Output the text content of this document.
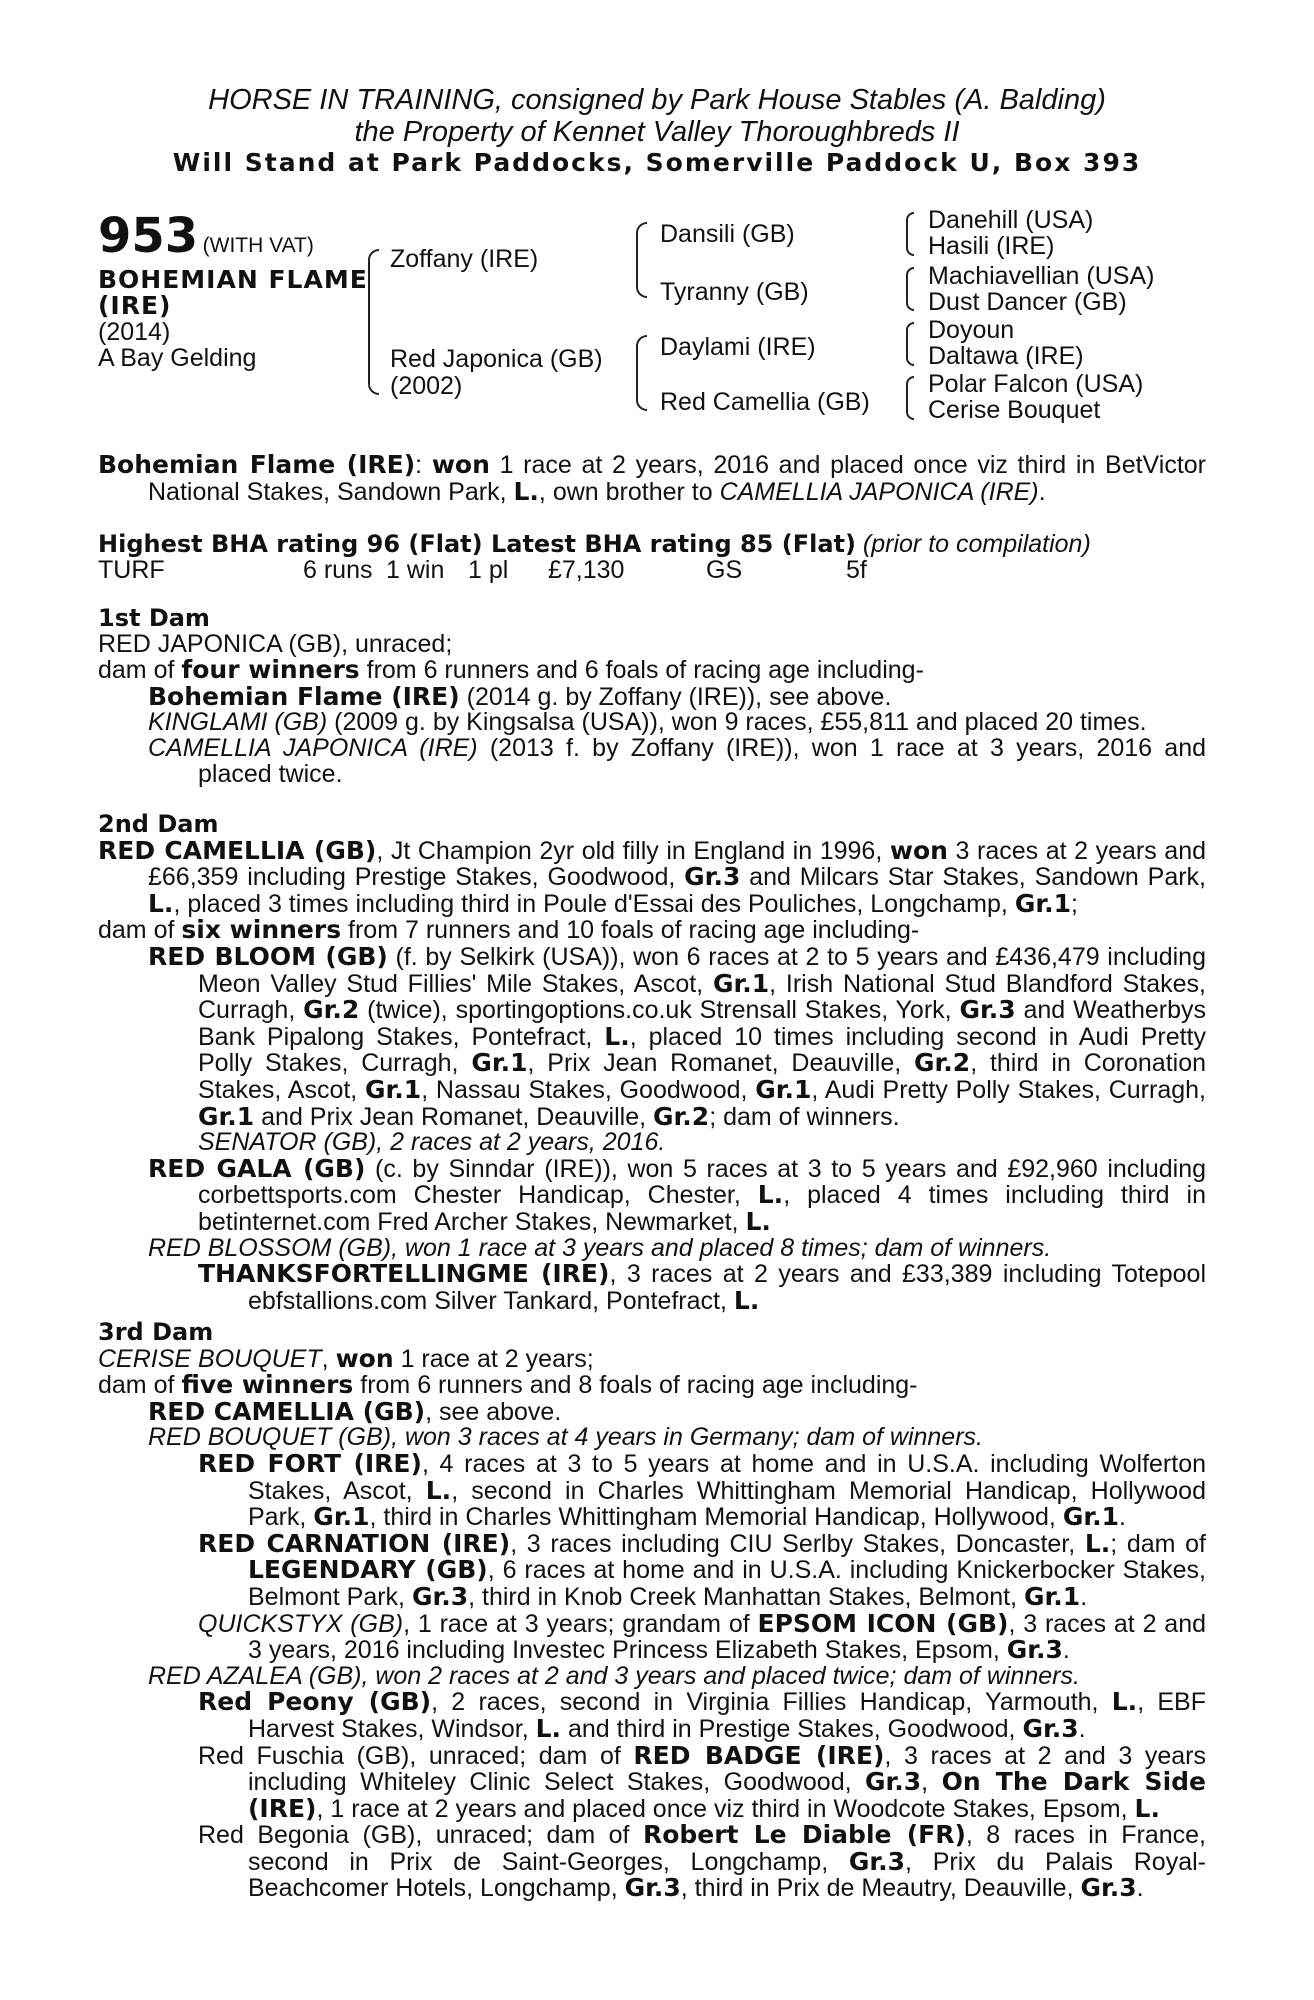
HORSE IN TRAINING, consigned by Park House Stables (A. Balding)
the Property of Kennet Valley Thoroughbreds II
Will Stand at Park Paddocks, Somerville Paddock U, Box 393
953 (WITH VAT)
BOHEMIAN FLAME
(IRE)
(2014)
A Bay Gelding
Zoffany (IRE)
Red Japonica (GB)
(2002)
Dansili (GB)
Tyranny (GB)
Daylami (IRE)
Red Camellia (GB)
Danehill (USA)
Hasili (IRE)
Machiavellian (USA)
Dust Dancer (GB)
Doyoun
Daltawa (IRE)
Polar Falcon (USA)
Cerise Bouquet

Bohemian Flame (IRE): won 1 race at 2 years, 2016 and placed once viz third in BetVictor National Stakes, Sandown Park, L., own brother to CAMELLIA JAPONICA (IRE).

Highest BHA rating 96 (Flat) Latest BHA rating 85 (Flat) (prior to compilation)
TURF	6 runs 1 win 1 pl £7,130	GS	5f

1st Dam

RED JAPONICA (GB), unraced;

dam of four winners from 6 runners and 6 foals of racing age including-

Bohemian Flame (IRE) (2014 g. by Zoffany (IRE)), see above.

KINGLAMI (GB) (2009 g. by Kingsalsa (USA)), won 9 races, £55,811 and placed 20 times.

CAMELLIA JAPONICA (IRE) (2013 f. by Zoffany (IRE)), won 1 race at 3 years, 2016 and placed twice.

2nd Dam

RED CAMELLIA (GB), Jt Champion 2yr old filly in England in 1996, won 3 races at 2 years and £66,359 including Prestige Stakes, Goodwood, Gr.3 and Milcars Star Stakes, Sandown Park, L., placed 3 times including third in Poule d'Essai des Pouliches, Longchamp, Gr.1;

dam of six winners from 7 runners and 10 foals of racing age including-

RED BLOOM (GB) (f. by Selkirk (USA)), won 6 races at 2 to 5 years and £436,479 including Meon Valley Stud Fillies' Mile Stakes, Ascot, Gr.1, Irish National Stud Blandford Stakes, Curragh, Gr.2 (twice), sportingoptions.co.uk Strensall Stakes, York, Gr.3 and Weatherbys Bank Pipalong Stakes, Pontefract, L., placed 10 times including second in Audi Pretty Polly Stakes, Curragh, Gr.1, Prix Jean Romanet, Deauville, Gr.2, third in Coronation Stakes, Ascot, Gr.1, Nassau Stakes, Goodwood, Gr.1, Audi Pretty Polly Stakes, Curragh, Gr.1 and Prix Jean Romanet, Deauville, Gr.2; dam of winners.

SENATOR (GB), 2 races at 2 years, 2016.

RED GALA (GB) (c. by Sinndar (IRE)), won 5 races at 3 to 5 years and £92,960 including corbettsports.com Chester Handicap, Chester, L., placed 4 times including third in betinternet.com Fred Archer Stakes, Newmarket, L.

RED BLOSSOM (GB), won 1 race at 3 years and placed 8 times; dam of winners.

THANKSFORTELLINGME (IRE), 3 races at 2 years and £33,389 including Totepool ebfstallions.com Silver Tankard, Pontefract, L.

3rd Dam

CERISE BOUQUET, won 1 race at 2 years;

dam of five winners from 6 runners and 8 foals of racing age including-

RED CAMELLIA (GB), see above.

RED BOUQUET (GB), won 3 races at 4 years in Germany; dam of winners.

RED FORT (IRE), 4 races at 3 to 5 years at home and in U.S.A. including Wolferton Stakes, Ascot, L., second in Charles Whittingham Memorial Handicap, Hollywood Park, Gr.1, third in Charles Whittingham Memorial Handicap, Hollywood, Gr.1.

RED CARNATION (IRE), 3 races including CIU Serlby Stakes, Doncaster, L.; dam of LEGENDARY (GB), 6 races at home and in U.S.A. including Knickerbocker Stakes, Belmont Park, Gr.3, third in Knob Creek Manhattan Stakes, Belmont, Gr.1.

QUICKSTYX (GB), 1 race at 3 years; grandam of EPSOM ICON (GB), 3 races at 2 and 3 years, 2016 including Investec Princess Elizabeth Stakes, Epsom, Gr.3.

RED AZALEA (GB), won 2 races at 2 and 3 years and placed twice; dam of winners.

Red Peony (GB), 2 races, second in Virginia Fillies Handicap, Yarmouth, L., EBF Harvest Stakes, Windsor, L. and third in Prestige Stakes, Goodwood, Gr.3.

Red Fuschia (GB), unraced; dam of RED BADGE (IRE), 3 races at 2 and 3 years including Whiteley Clinic Select Stakes, Goodwood, Gr.3, On The Dark Side (IRE), 1 race at 2 years and placed once viz third in Woodcote Stakes, Epsom, L.

Red Begonia (GB), unraced; dam of Robert Le Diable (FR), 8 races in France, second in Prix de Saint-Georges, Longchamp, Gr.3, Prix du Palais Royal-Beachcomer Hotels, Longchamp, Gr.3, third in Prix de Meautry, Deauville, Gr.3.
